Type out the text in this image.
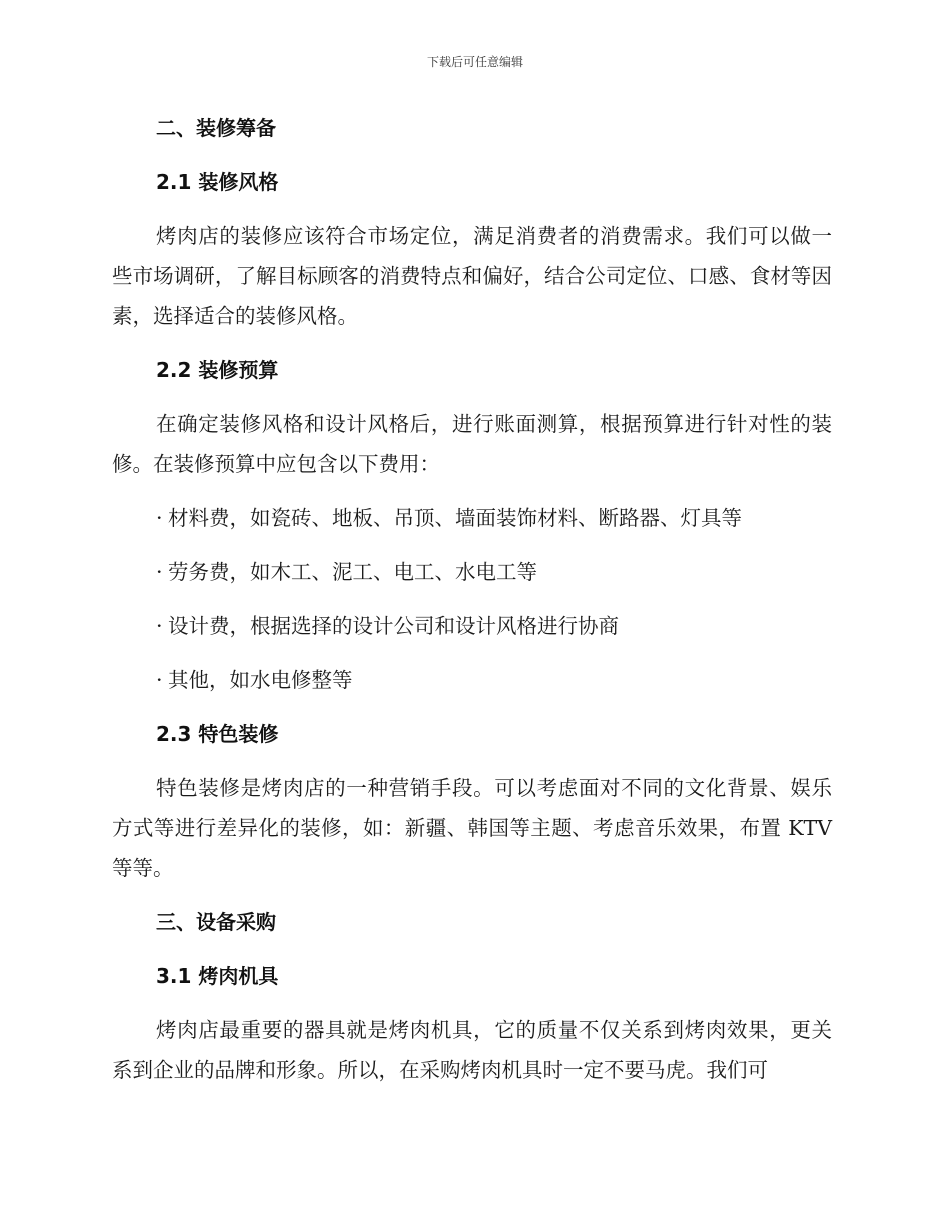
下载后可任意编辑
二、装修筹备
2.1 装修风格
烤肉店的装修应该符合市场定位，满足消费者的消费需求。我们可以做一些市场调研，了解目标顾客的消费特点和偏好，结合公司定位、口感、食材等因素，选择适合的装修风格。
2.2 装修预算
在确定装修风格和设计风格后，进行账面测算，根据预算进行针对性的装修。在装修预算中应包含以下费用：
· 材料费，如瓷砖、地板、吊顶、墙面装饰材料、断路器、灯具等
· 劳务费，如木工、泥工、电工、水电工等
· 设计费，根据选择的设计公司和设计风格进行协商
· 其他，如水电修整等
2.3 特色装修
特色装修是烤肉店的一种营销手段。可以考虑面对不同的文化背景、娱乐方式等进行差异化的装修，如：新疆、韩国等主题、考虑音乐效果，布置 KTV 等等。
三、设备采购
3.1 烤肉机具
烤肉店最重要的器具就是烤肉机具，它的质量不仅关系到烤肉效果，更关系到企业的品牌和形象。所以，在采购烤肉机具时一定不要马虎。我们可
